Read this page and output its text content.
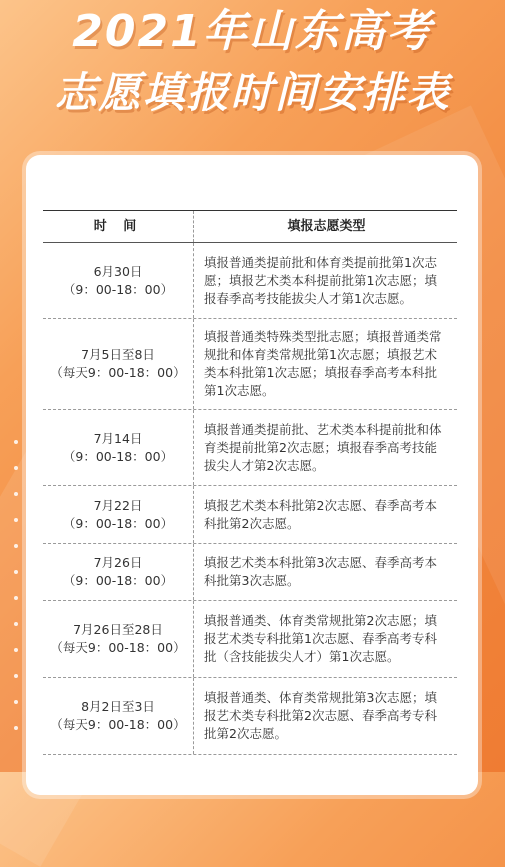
2021年山东高考
志愿填报时间安排表
时 间	填报志愿类型
6月30日
（9：00-18：00）
填报普通类提前批和体育类提前批第1次志愿；填报艺术类本科提前批第1次志愿；填报春季高考技能拔尖人才第1次志愿。
7月5日至8日
（每天9：00-18：00）
填报普通类特殊类型批志愿；填报普通类常规批和体育类常规批第1次志愿；填报艺术类本科批第1次志愿；填报春季高考本科批第1次志愿。
7月14日
（9：00-18：00）
填报普通类提前批、艺术类本科提前批和体育类提前批第2次志愿；填报春季高考技能拔尖人才第2次志愿。
7月22日
（9：00-18：00）
填报艺术类本科批第2次志愿、春季高考本科批第2次志愿。
7月26日
（9：00-18：00）
填报艺术类本科批第3次志愿、春季高考本科批第3次志愿。
7月26日至28日
（每天9：00-18：00）
填报普通类、体育类常规批第2次志愿；填报艺术类专科批第1次志愿、春季高考专科批（含技能拔尖人才）第1次志愿。
8月2日至3日
（每天9：00-18：00）
填报普通类、体育类常规批第3次志愿；填报艺术类专科批第2次志愿、春季高考专科批第2次志愿。
